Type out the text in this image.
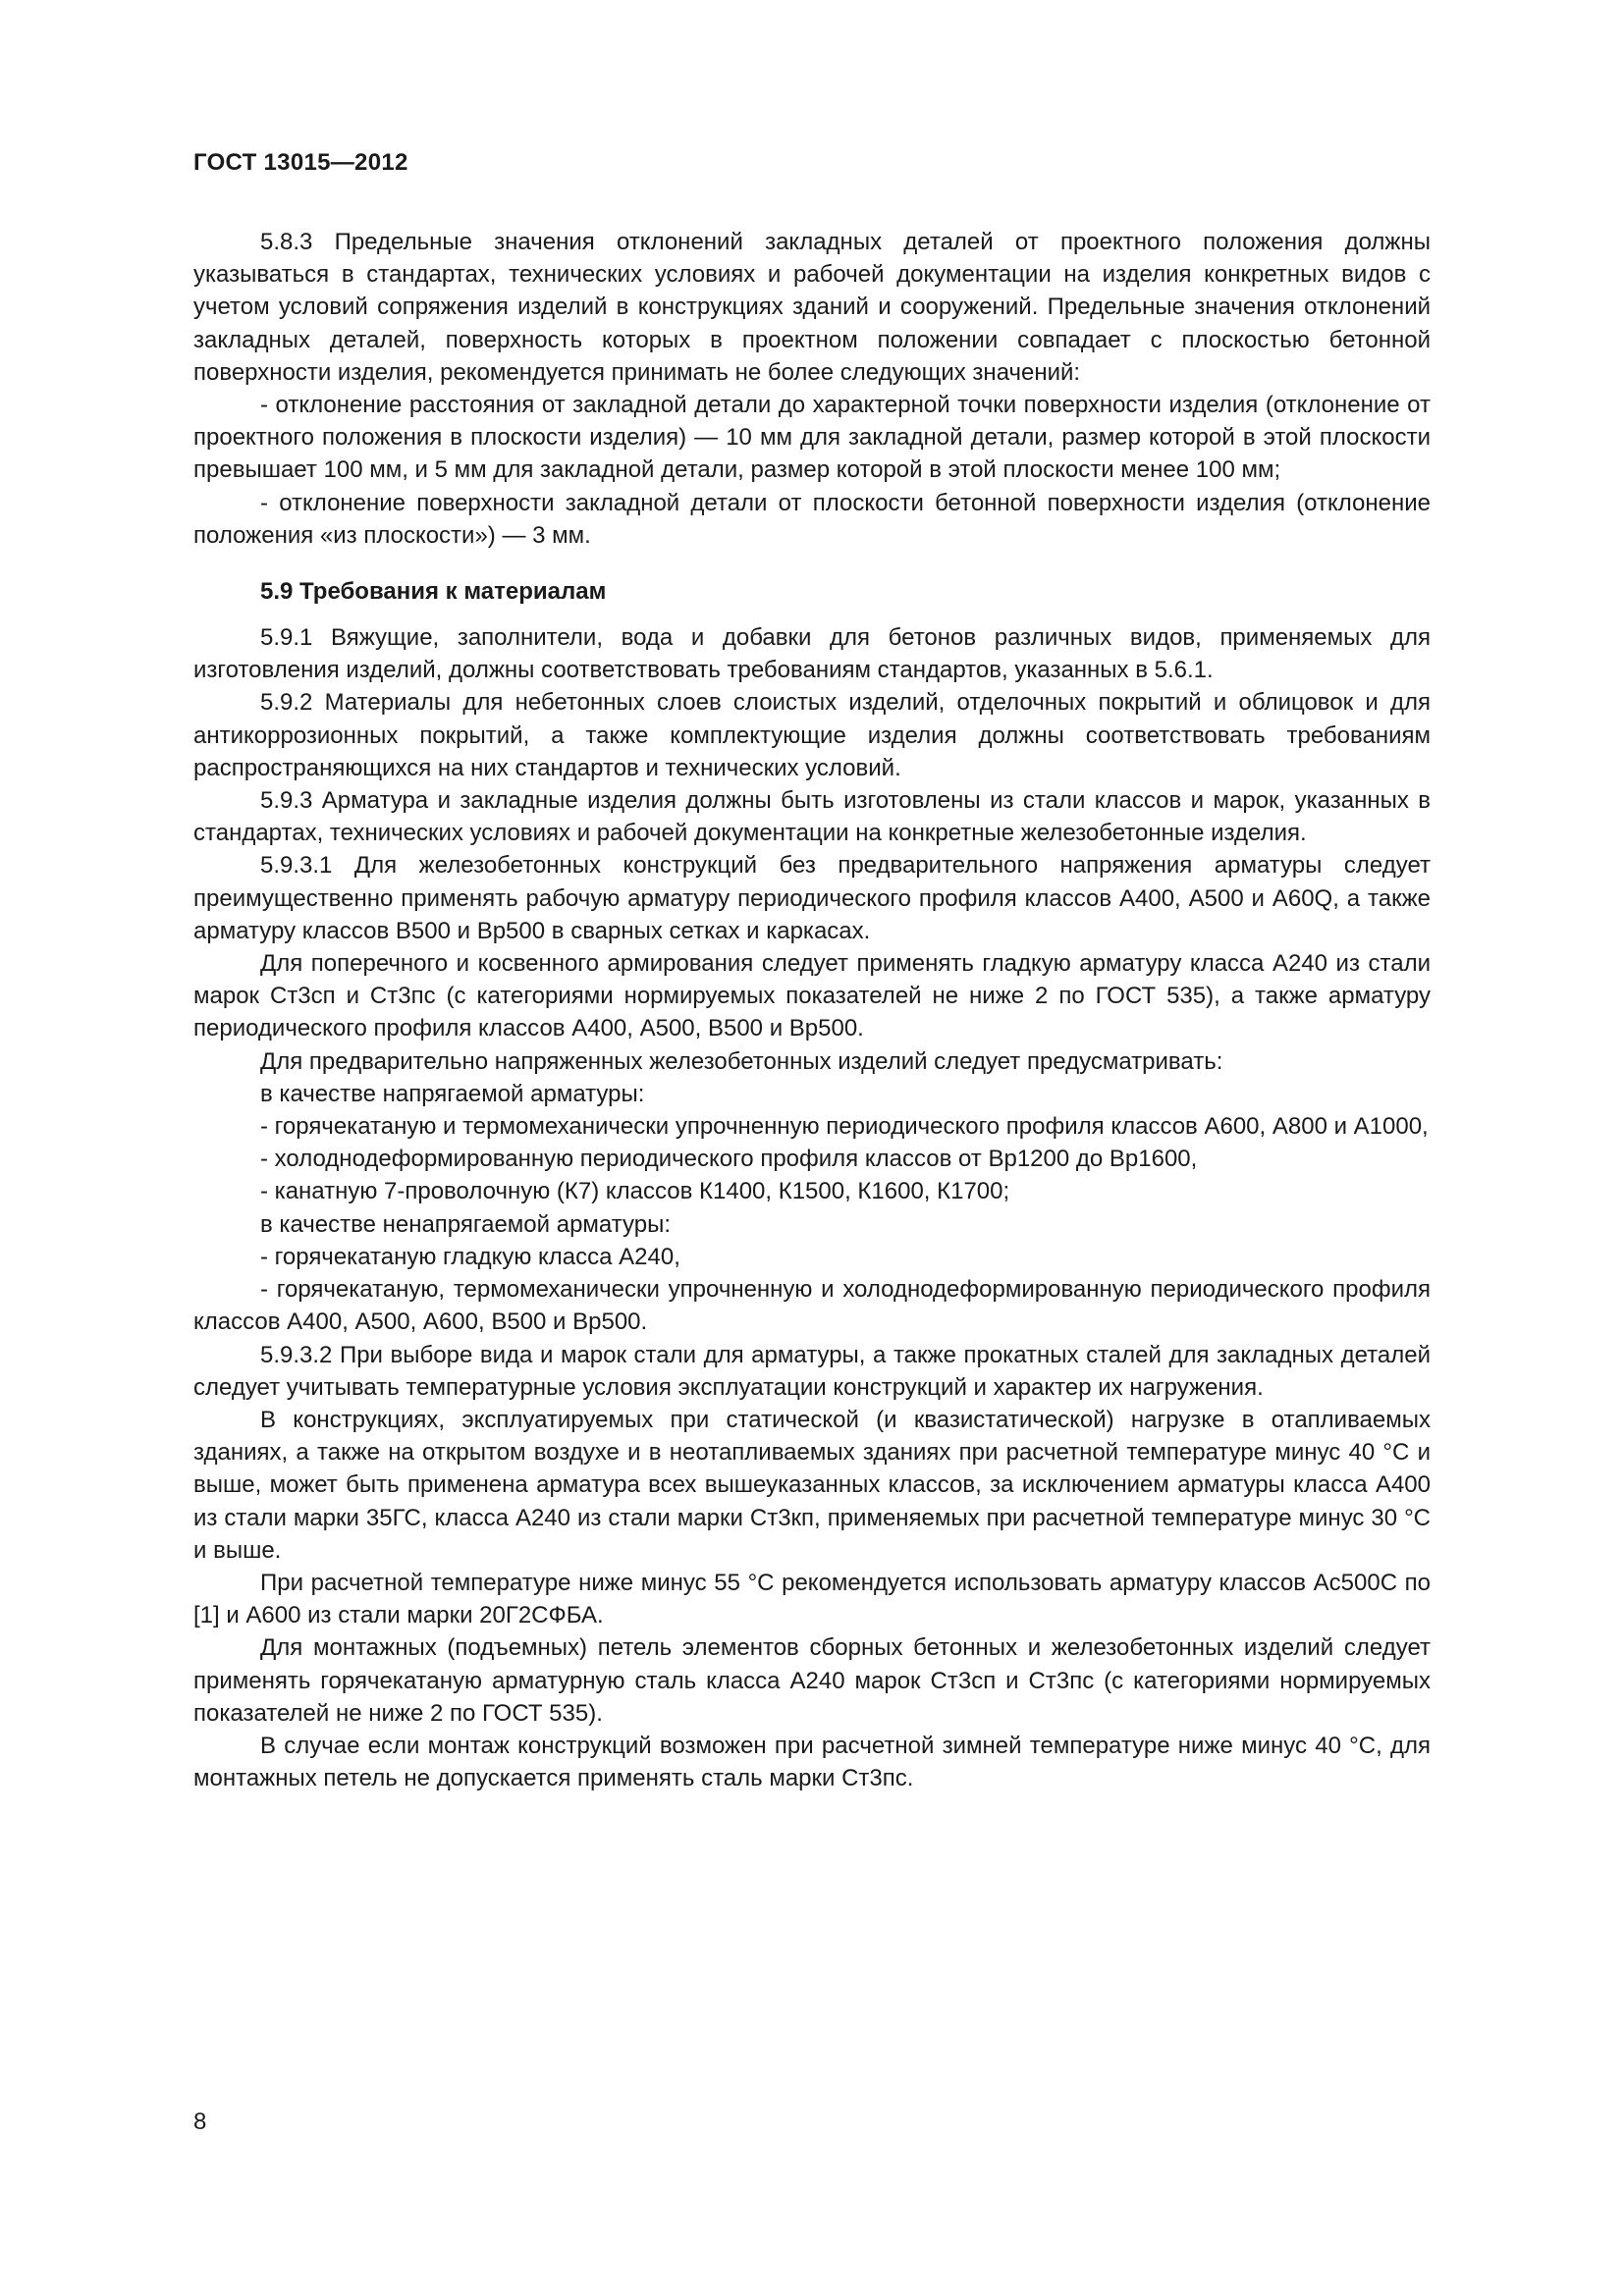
ГОСТ 13015—2012

5.8.3 Предельные значения отклонений закладных деталей от проектного положения должны указываться в стандартах, технических условиях и рабочей документации на изделия конкретных видов с учетом условий сопряжения изделий в конструкциях зданий и сооружений. Предельные значения отклонений закладных деталей, поверхность которых в проектном положении совпадает с плоскостью бетонной поверхности изделия, рекомендуется принимать не более следующих значений:

- отклонение расстояния от закладной детали до характерной точки поверхности изделия (отклонение от проектного положения в плоскости изделия) — 10 мм для закладной детали, размер которой в этой плоскости превышает 100 мм, и 5 мм для закладной детали, размер которой в этой плоскости менее 100 мм;

- отклонение поверхности закладной детали от плоскости бетонной поверхности изделия (отклонение положения «из плоскости») — 3 мм.

5.9 Требования к материалам

5.9.1 Вяжущие, заполнители, вода и добавки для бетонов различных видов, применяемых для изготовления изделий, должны соответствовать требованиям стандартов, указанных в 5.6.1.

5.9.2 Материалы для небетонных слоев слоистых изделий, отделочных покрытий и облицовок и для антикоррозионных покрытий, а также комплектующие изделия должны соответствовать требованиям распространяющихся на них стандартов и технических условий.

5.9.3 Арматура и закладные изделия должны быть изготовлены из стали классов и марок, указанных в стандартах, технических условиях и рабочей документации на конкретные железобетонные изделия.

5.9.3.1 Для железобетонных конструкций без предварительного напряжения арматуры следует преимущественно применять рабочую арматуру периодического профиля классов А400, А500 и А60Q, а также арматуру классов В500 и Вр500 в сварных сетках и каркасах.

Для поперечного и косвенного армирования следует применять гладкую арматуру класса А240 из стали марок Ст3сп и Ст3пс (с категориями нормируемых показателей не ниже 2 по ГОСТ 535), а также арматуру периодического профиля классов А400, А500, В500 и Вр500.

Для предварительно напряженных железобетонных изделий следует предусматривать:

в качестве напрягаемой арматуры:

- горячекатаную и термомеханически упрочненную периодического профиля классов А600, А800 и А1000,

- холоднодеформированную периодического профиля классов от Вр1200 до Вр1600,

- канатную 7-проволочную (К7) классов К1400, К1500, К1600, К1700;

в качестве ненапрягаемой арматуры:

- горячекатаную гладкую класса А240,

- горячекатаную, термомеханически упрочненную и холоднодеформированную периодического профиля классов А400, А500, А600, В500 и Вр500.

5.9.3.2 При выборе вида и марок стали для арматуры, а также прокатных сталей для закладных деталей следует учитывать температурные условия эксплуатации конструкций и характер их нагружения.

В конструкциях, эксплуатируемых при статической (и квазистатической) нагрузке в отапливаемых зданиях, а также на открытом воздухе и в неотапливаемых зданиях при расчетной температуре минус 40 °С и выше, может быть применена арматура всех вышеуказанных классов, за исключением арматуры класса А400 из стали марки 35ГС, класса А240 из стали марки Ст3кп, применяемых при расчетной температуре минус 30 °С и выше.

При расчетной температуре ниже минус 55 °С рекомендуется использовать арматуру классов Ас500С по [1] и А600 из стали марки 20Г2СФБА.

Для монтажных (подъемных) петель элементов сборных бетонных и железобетонных изделий следует применять горячекатаную арматурную сталь класса А240 марок Ст3сп и Ст3пс (с категориями нормируемых показателей не ниже 2 по ГОСТ 535).

В случае если монтаж конструкций возможен при расчетной зимней температуре ниже минус 40 °С, для монтажных петель не допускается применять сталь марки Ст3пс.

8
